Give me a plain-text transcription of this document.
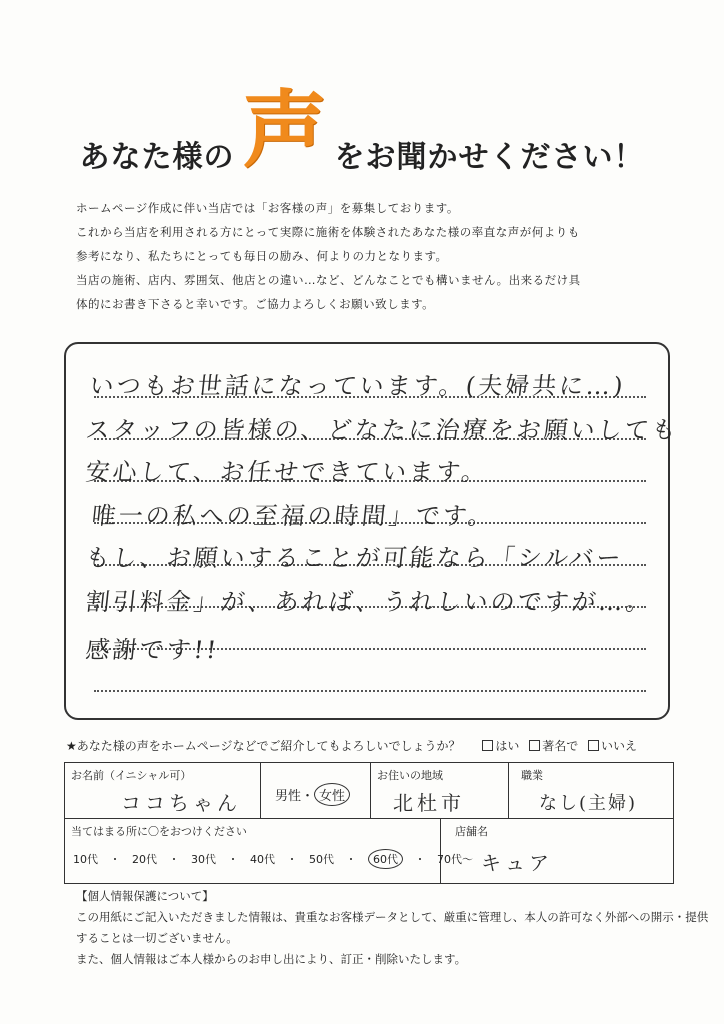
あなた様の 声 をお聞かせください！

ホームページ作成に伴い当店では「お客様の声」を募集しております。

これから当店を利用される方にとって実際に施術を体験されたあなた様の率直な声が何よりも

参考になり、私たちにとっても毎日の励み、何よりの力となります。

当店の施術、店内、雰囲気、他店との違い…など、どんなことでも構いません。出来るだけ具

体的にお書き下さると幸いです。ご協力よろしくお願い致します。

いつもお世話になっています。(夫婦共に…)
スタッフの皆様の、どなたに治療をお願いしても
安心して、お任せできています。
唯一の私への至福の時間」です。
もし、お願いすることが可能なら「シルバー
割引料金」が、あれば、うれしいのですが…。
感謝です!!
★あなた様の声をホームページなどでご紹介してもよろしいでしょうか？	はい 著名で いいえ
お名前（イニシャル可）
ココちゃん	男性・ 女性
お住いの地域
北杜市
職業
なし(主婦)
当てはまる所に〇をおつけください
10代 ・ 20代 ・ 30代 ・ 40代 ・ 50代 ・ 60代 ・ 70代〜
店舗名
キュア

【個人情報保護について】

この用紙にご記入いただきました情報は、貴重なお客様データとして、厳重に管理し、本人の許可なく外部への開示・提供

することは一切ございません。

また、個人情報はご本人様からのお申し出により、訂正・削除いたします。
